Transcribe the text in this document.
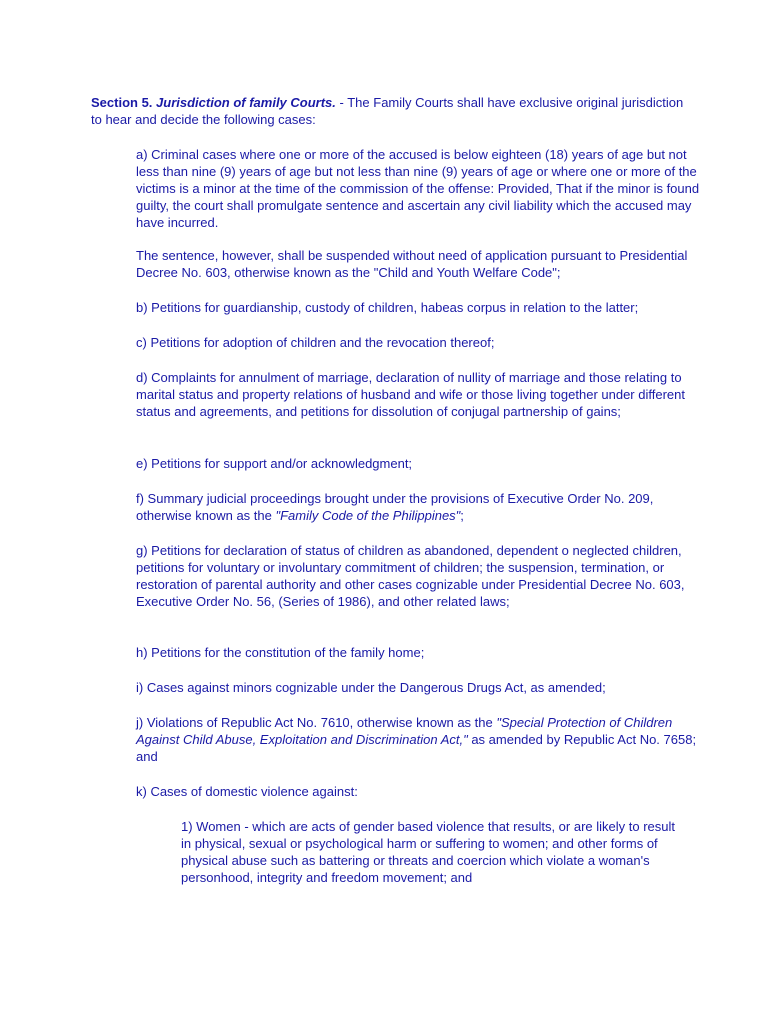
Section 5. Jurisdiction of family Courts. - The Family Courts shall have exclusive original jurisdiction to hear and decide the following cases:

a) Criminal cases where one or more of the accused is below eighteen (18) years of age but not less than nine (9) years of age but not less than nine (9) years of age or where one or more of the victims is a minor at the time of the commission of the offense: Provided, That if the minor is found guilty, the court shall promulgate sentence and ascertain any civil liability which the accused may have incurred.

The sentence, however, shall be suspended without need of application pursuant to Presidential Decree No. 603, otherwise known as the "Child and Youth Welfare Code";

b) Petitions for guardianship, custody of children, habeas corpus in relation to the latter;

c) Petitions for adoption of children and the revocation thereof;

d) Complaints for annulment of marriage, declaration of nullity of marriage and those relating to marital status and property relations of husband and wife or those living together under different status and agreements, and petitions for dissolution of conjugal partnership of gains;

e) Petitions for support and/or acknowledgment;

f) Summary judicial proceedings brought under the provisions of Executive Order No. 209, otherwise known as the "Family Code of the Philippines";

g) Petitions for declaration of status of children as abandoned, dependent o neglected children, petitions for voluntary or involuntary commitment of children; the suspension, termination, or restoration of parental authority and other cases cognizable under Presidential Decree No. 603, Executive Order No. 56, (Series of 1986), and other related laws;

h) Petitions for the constitution of the family home;

i) Cases against minors cognizable under the Dangerous Drugs Act, as amended;

j) Violations of Republic Act No. 7610, otherwise known as the "Special Protection of Children Against Child Abuse, Exploitation and Discrimination Act," as amended by Republic Act No. 7658; and

k) Cases of domestic violence against:

1) Women - which are acts of gender based violence that results, or are likely to result in physical, sexual or psychological harm or suffering to women; and other forms of physical abuse such as battering or threats and coercion which violate a woman's personhood, integrity and freedom movement; and
